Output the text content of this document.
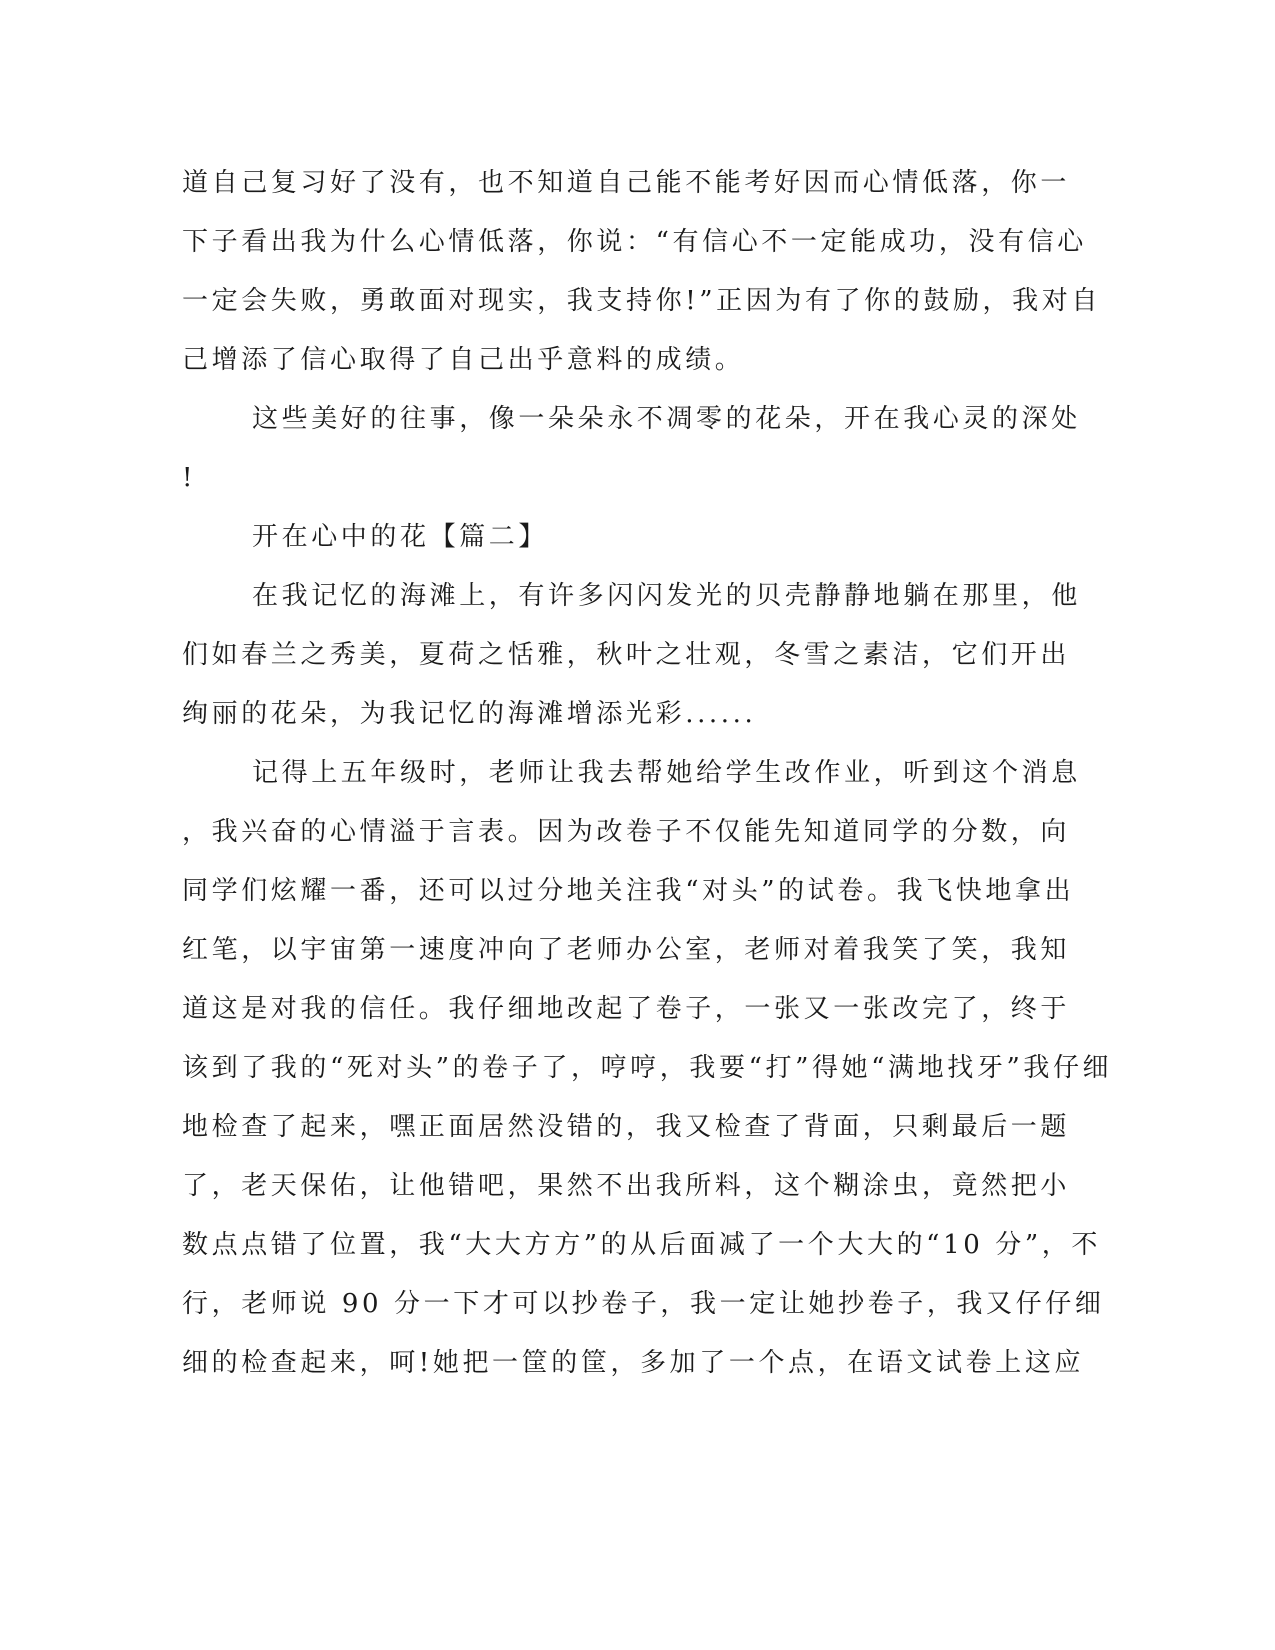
道自己复习好了没有，也不知道自己能不能考好因而心情低落，你一
下子看出我为什么心情低落，你说：“有信心不一定能成功，没有信心
一定会失败，勇敢面对现实，我支持你!”正因为有了你的鼓励，我对自
己增添了信心取得了自己出乎意料的成绩。
这些美好的往事，像一朵朵永不凋零的花朵，开在我心灵的深处
!
开在心中的花【篇二】
在我记忆的海滩上，有许多闪闪发光的贝壳静静地躺在那里，他
们如春兰之秀美，夏荷之恬雅，秋叶之壮观，冬雪之素洁，它们开出
绚丽的花朵，为我记忆的海滩增添光彩......
记得上五年级时，老师让我去帮她给学生改作业，听到这个消息
，我兴奋的心情溢于言表。因为改卷子不仅能先知道同学的分数，向
同学们炫耀一番，还可以过分地关注我“对头”的试卷。我飞快地拿出
红笔，以宇宙第一速度冲向了老师办公室，老师对着我笑了笑，我知
道这是对我的信任。我仔细地改起了卷子，一张又一张改完了，终于
该到了我的“死对头”的卷子了，哼哼，我要“打”得她“满地找牙”我仔细
地检查了起来，嘿正面居然没错的，我又检查了背面，只剩最后一题
了，老天保佑，让他错吧，果然不出我所料，这个糊涂虫，竟然把小
数点点错了位置，我“大大方方”的从后面减了一个大大的“10 分”，不
行，老师说 90 分一下才可以抄卷子，我一定让她抄卷子，我又仔仔细
细的检查起来，呵!她把一筐的筐，多加了一个点，在语文试卷上这应
